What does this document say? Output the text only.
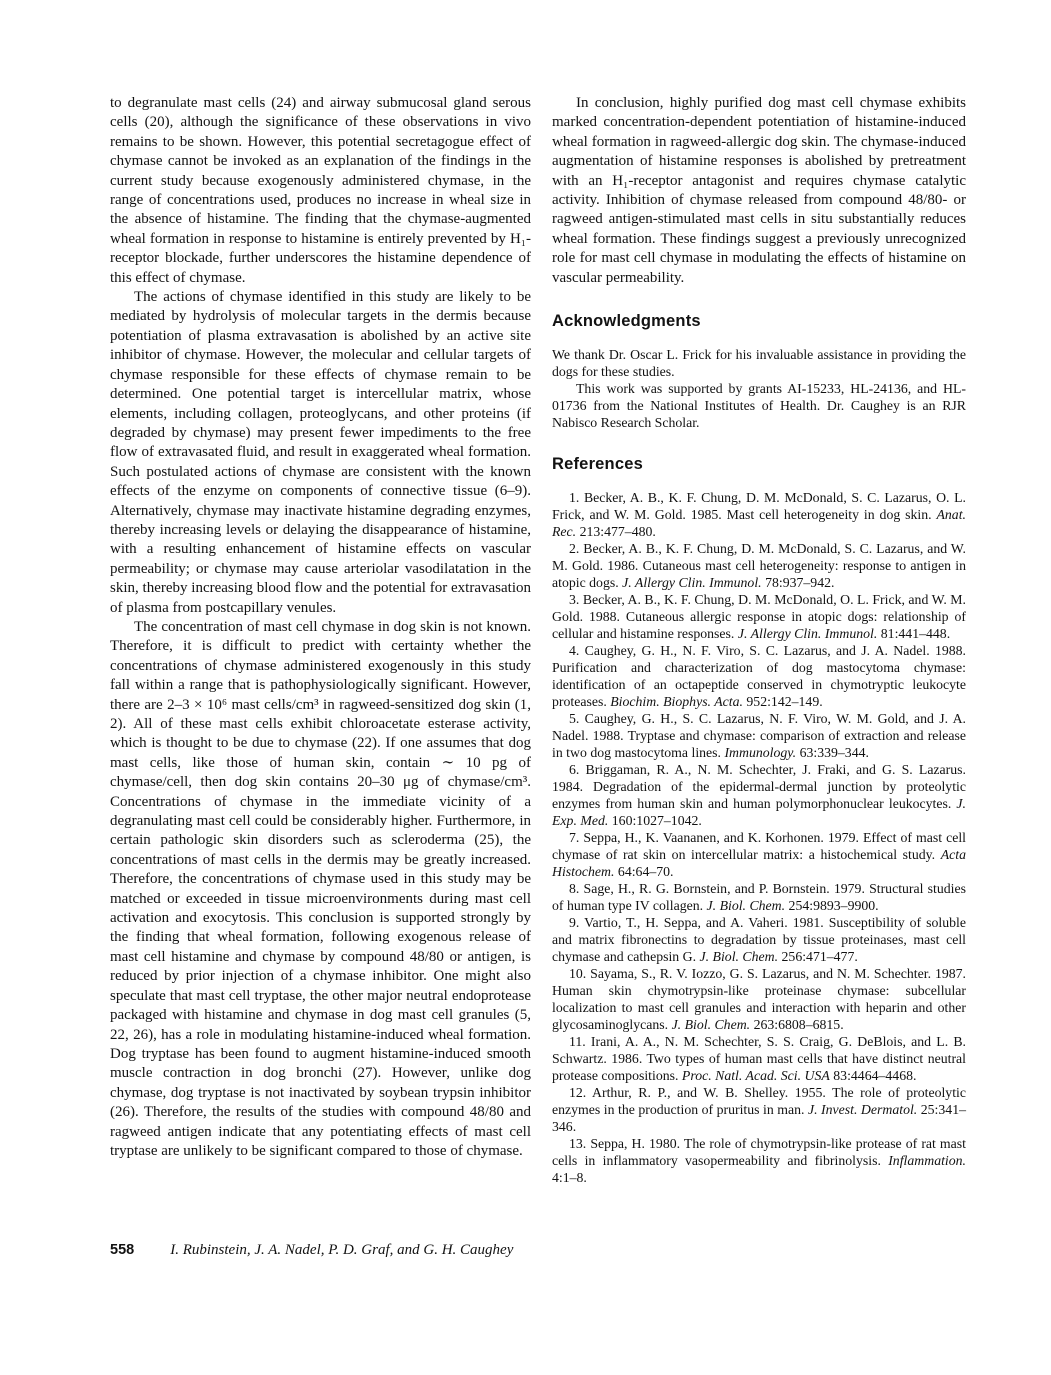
to degranulate mast cells (24) and airway submucosal gland serous cells (20), although the significance of these observations in vivo remains to be shown. However, this potential secretagogue effect of chymase cannot be invoked as an explanation of the findings in the current study because exogenously administered chymase, in the range of concentrations used, produces no increase in wheal size in the absence of histamine. The finding that the chymase-augmented wheal formation in response to histamine is entirely prevented by H₁-receptor blockade, further underscores the histamine dependence of this effect of chymase.

The actions of chymase identified in this study are likely to be mediated by hydrolysis of molecular targets in the dermis because potentiation of plasma extravasation is abolished by an active site inhibitor of chymase. However, the molecular and cellular targets of chymase responsible for these effects of chymase remain to be determined. One potential target is intercellular matrix, whose elements, including collagen, proteoglycans, and other proteins (if degraded by chymase) may present fewer impediments to the free flow of extravasated fluid, and result in exaggerated wheal formation. Such postulated actions of chymase are consistent with the known effects of the enzyme on components of connective tissue (6–9). Alternatively, chymase may inactivate histamine degrading enzymes, thereby increasing levels or delaying the disappearance of histamine, with a resulting enhancement of histamine effects on vascular permeability; or chymase may cause arteriolar vasodilatation in the skin, thereby increasing blood flow and the potential for extravasation of plasma from postcapillary venules.

The concentration of mast cell chymase in dog skin is not known. Therefore, it is difficult to predict with certainty whether the concentrations of chymase administered exogenously in this study fall within a range that is pathophysiologically significant. However, there are 2–3 × 10⁶ mast cells/cm³ in ragweed-sensitized dog skin (1, 2). All of these mast cells exhibit chloroacetate esterase activity, which is thought to be due to chymase (22). If one assumes that dog mast cells, like those of human skin, contain ∼ 10 pg of chymase/cell, then dog skin contains 20–30 μg of chymase/cm³. Concentrations of chymase in the immediate vicinity of a degranulating mast cell could be considerably higher. Furthermore, in certain pathologic skin disorders such as scleroderma (25), the concentrations of mast cells in the dermis may be greatly increased. Therefore, the concentrations of chymase used in this study may be matched or exceeded in tissue microenvironments during mast cell activation and exocytosis. This conclusion is supported strongly by the finding that wheal formation, following exogenous release of mast cell histamine and chymase by compound 48/80 or antigen, is reduced by prior injection of a chymase inhibitor. One might also speculate that mast cell tryptase, the other major neutral endoprotease packaged with histamine and chymase in dog mast cell granules (5, 22, 26), has a role in modulating histamine-induced wheal formation. Dog tryptase has been found to augment histamine-induced smooth muscle contraction in dog bronchi (27). However, unlike dog chymase, dog tryptase is not inactivated by soybean trypsin inhibitor (26). Therefore, the results of the studies with compound 48/80 and ragweed antigen indicate that any potentiating effects of mast cell tryptase are unlikely to be significant compared to those of chymase.

In conclusion, highly purified dog mast cell chymase exhibits marked concentration-dependent potentiation of histamine-induced wheal formation in ragweed-allergic dog skin. The chymase-induced augmentation of histamine responses is abolished by pretreatment with an H₁-receptor antagonist and requires chymase catalytic activity. Inhibition of chymase released from compound 48/80- or ragweed antigen-stimulated mast cells in situ substantially reduces wheal formation. These findings suggest a previously unrecognized role for mast cell chymase in modulating the effects of histamine on vascular permeability.

Acknowledgments

We thank Dr. Oscar L. Frick for his invaluable assistance in providing the dogs for these studies.

This work was supported by grants AI-15233, HL-24136, and HL-01736 from the National Institutes of Health. Dr. Caughey is an RJR Nabisco Research Scholar.

References

1. Becker, A. B., K. F. Chung, D. M. McDonald, S. C. Lazarus, O. L. Frick, and W. M. Gold. 1985. Mast cell heterogeneity in dog skin. Anat. Rec. 213:477–480.

2. Becker, A. B., K. F. Chung, D. M. McDonald, S. C. Lazarus, and W. M. Gold. 1986. Cutaneous mast cell heterogeneity: response to antigen in atopic dogs. J. Allergy Clin. Immunol. 78:937–942.

3. Becker, A. B., K. F. Chung, D. M. McDonald, O. L. Frick, and W. M. Gold. 1988. Cutaneous allergic response in atopic dogs: relationship of cellular and histamine responses. J. Allergy Clin. Immunol. 81:441–448.

4. Caughey, G. H., N. F. Viro, S. C. Lazarus, and J. A. Nadel. 1988. Purification and characterization of dog mastocytoma chymase: identification of an octapeptide conserved in chymotryptic leukocyte proteases. Biochim. Biophys. Acta. 952:142–149.

5. Caughey, G. H., S. C. Lazarus, N. F. Viro, W. M. Gold, and J. A. Nadel. 1988. Tryptase and chymase: comparison of extraction and release in two dog mastocytoma lines. Immunology. 63:339–344.

6. Briggaman, R. A., N. M. Schechter, J. Fraki, and G. S. Lazarus. 1984. Degradation of the epidermal-dermal junction by proteolytic enzymes from human skin and human polymorphonuclear leukocytes. J. Exp. Med. 160:1027–1042.

7. Seppa, H., K. Vaananen, and K. Korhonen. 1979. Effect of mast cell chymase of rat skin on intercellular matrix: a histochemical study. Acta Histochem. 64:64–70.

8. Sage, H., R. G. Bornstein, and P. Bornstein. 1979. Structural studies of human type IV collagen. J. Biol. Chem. 254:9893–9900.

9. Vartio, T., H. Seppa, and A. Vaheri. 1981. Susceptibility of soluble and matrix fibronectins to degradation by tissue proteinases, mast cell chymase and cathepsin G. J. Biol. Chem. 256:471–477.

10. Sayama, S., R. V. Iozzo, G. S. Lazarus, and N. M. Schechter. 1987. Human skin chymotrypsin-like proteinase chymase: subcellular localization to mast cell granules and interaction with heparin and other glycosaminoglycans. J. Biol. Chem. 263:6808–6815.

11. Irani, A. A., N. M. Schechter, S. S. Craig, G. DeBlois, and L. B. Schwartz. 1986. Two types of human mast cells that have distinct neutral protease compositions. Proc. Natl. Acad. Sci. USA 83:4464–4468.

12. Arthur, R. P., and W. B. Shelley. 1955. The role of proteolytic enzymes in the production of pruritus in man. J. Invest. Dermatol. 25:341–346.

13. Seppa, H. 1980. The role of chymotrypsin-like protease of rat mast cells in inflammatory vasopermeability and fibrinolysis. Inflammation. 4:1–8.

558 I. Rubinstein, J. A. Nadel, P. D. Graf, and G. H. Caughey
